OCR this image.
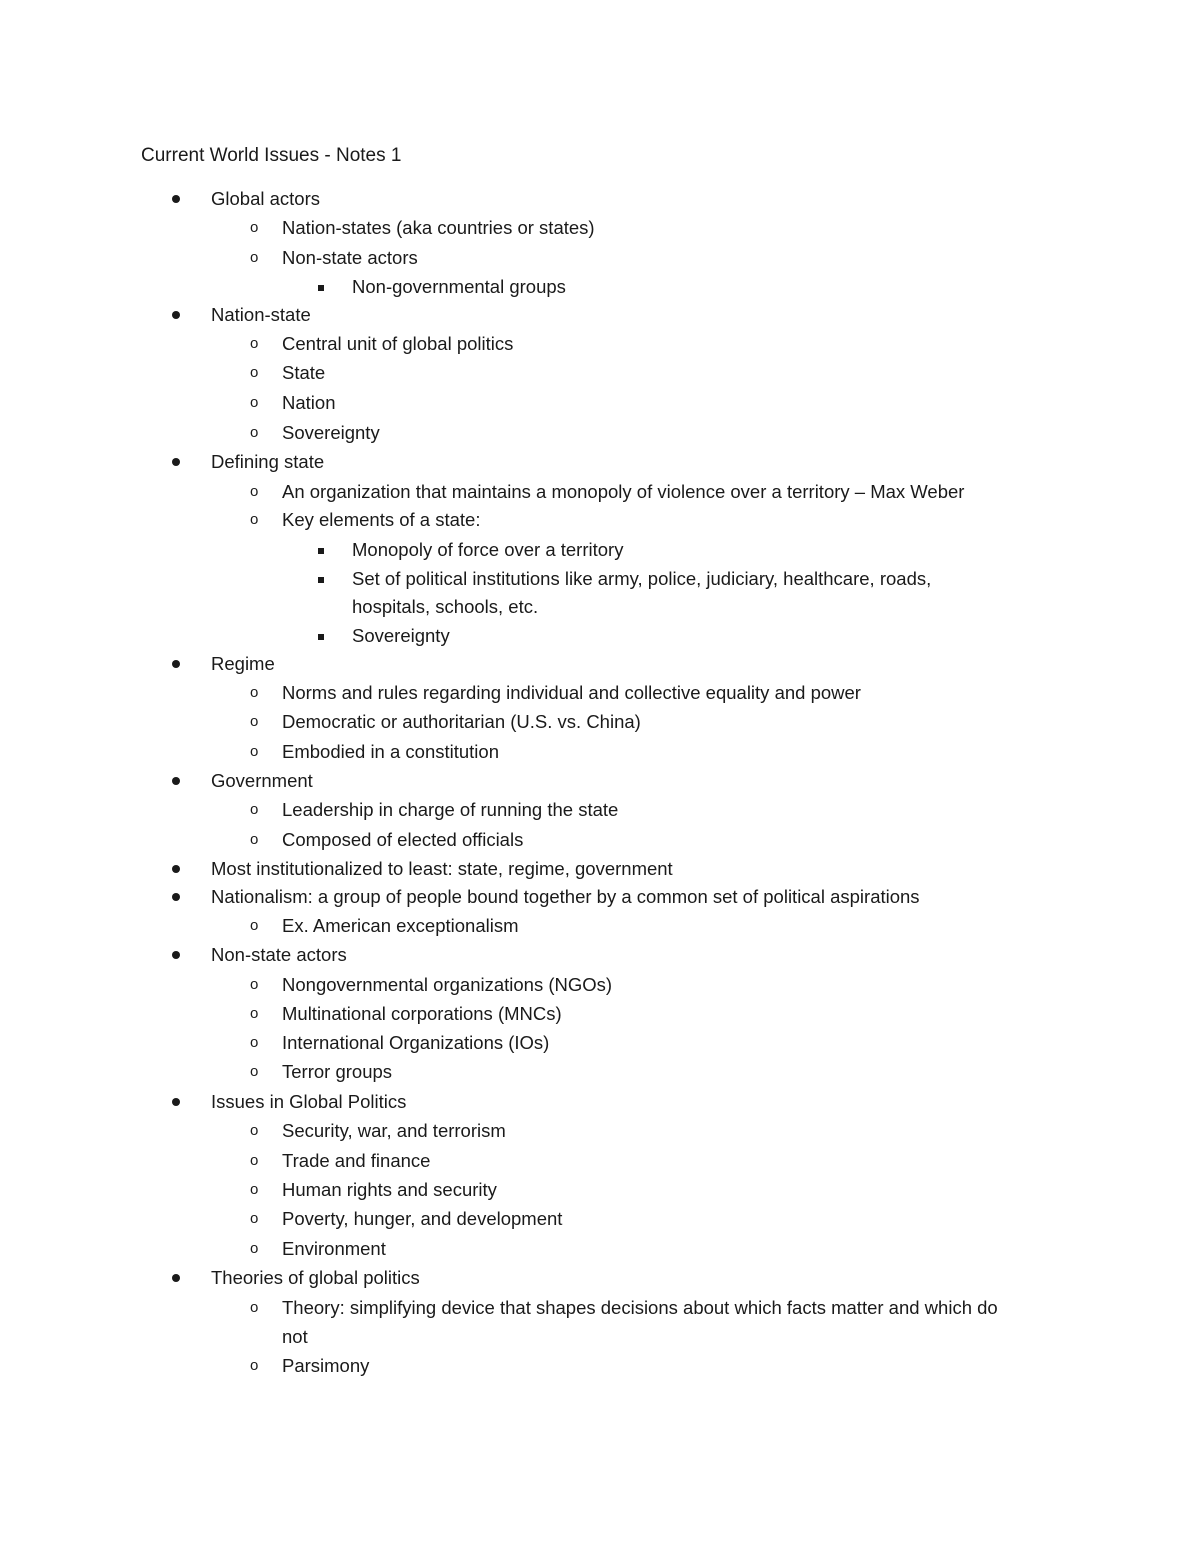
Current World Issues - Notes 1
Global actors
Nation-states (aka countries or states)
o
Non-state actors
o
Non-governmental groups
Nation-state
Central unit of global politics
o
State
o
Nation
o
Sovereignty
o
Defining state
An organization that maintains a monopoly of violence over a territory – Max Weber
o
Key elements of a state:
o
Monopoly of force over a territory
Set of political institutions like army, police, judiciary, healthcare, roads,
hospitals, schools, etc.
Sovereignty
Regime
Norms and rules regarding individual and collective equality and power
o
Democratic or authoritarian (U.S. vs. China)
o
Embodied in a constitution
o
Government
Leadership in charge of running the state
o
Composed of elected officials
o
Most institutionalized to least: state, regime, government
Nationalism: a group of people bound together by a common set of political aspirations
Ex. American exceptionalism
o
Non-state actors
Nongovernmental organizations (NGOs)
o
Multinational corporations (MNCs)
o
International Organizations (IOs)
o
Terror groups
o
Issues in Global Politics
Security, war, and terrorism
o
Trade and finance
o
Human rights and security
o
Poverty, hunger, and development
o
Environment
o
Theories of global politics
Theory: simplifying device that shapes decisions about which facts matter and which do
o
not
Parsimony
o
